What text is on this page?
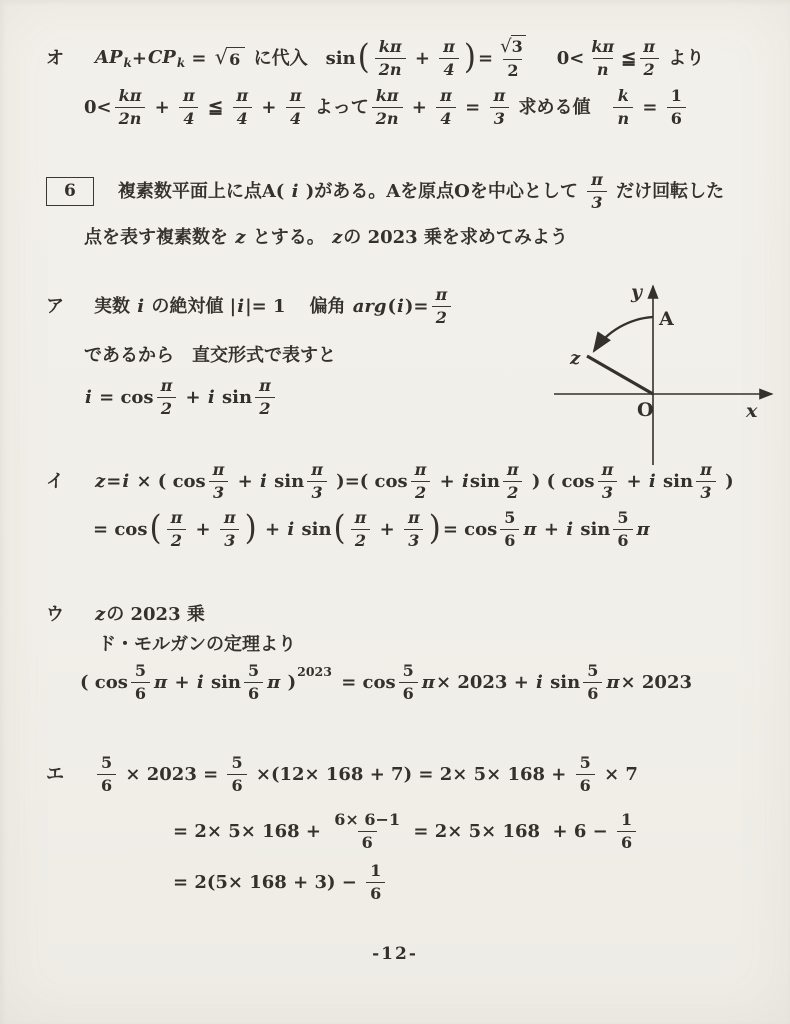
オ $AP_k + CP_k$ = √ 6 に代入 sin ( $\frac{k\pi}{2n} + \frac{\pi}{4}$ ) = $\frac{√3}{2} 0< \frac{k\pi}{n}$ ≦ $\frac{\pi}{2}$ より
$0< \frac{k\pi}{2n} + \frac{\pi}{4}$ ≦ $\frac{\pi}{4} + \frac{\pi}{4}$ よって $\frac{k\pi}{2n} + \frac{\pi}{4} = \frac{\pi}{3}$ 求める値 $\frac{k}{n} = \frac{1}{6}$
6	複素数平面上に点A( i )がある。Aを原点Oを中心として $\frac{\pi}{3}$ だけ回転した
点を表す複素数を z とする。 z の 2023 乗を求めてみよう
ア 実数 i の絶対値 | i |= 1 偏角 arg ( i )= $\frac{\pi}{2}$
であるから 直交形式で表すと
$i = \cos \frac{\pi}{2} + i$ $\sin \frac{\pi}{2}$
イ z = i × ( $\cos \frac{\pi}{3} + i$ $\sin \frac{\pi}{3}$ )=( $\cos \frac{\pi}{2} + i$ $\sin \frac{\pi}{2}$ ) ( $\cos \frac{\pi}{3} + i$ $\sin \frac{\pi}{3}$ )
= cos ( $\frac{\pi}{2} + \frac{\pi}{3}$ ) + i sin ( $\frac{\pi}{2} + \frac{\pi}{3}$ ) = $\cos \frac{5}{6}$ π + i $\sin \frac{5}{6}$ π
ウ z の 2023 乗
ド・モルガンの定理より
( $\cos \frac{5}{6}$ π + i $\sin \frac{5}{6}$ π )
2023
= $\cos \frac{5}{6}$ π × 2023 + i $\sin \frac{5}{6}$ π × 2023
エ $\frac{5}{6} \times 2023 = \frac{5}{6} \times(12\times 168 + 7) = 2\times 5\times 168 + \frac{5}{6} \times 7$
= $2\times 5\times 168 + \frac{6\times 6-1}{6} = 2\times 5\times 168 + 6 - \frac{1}{6}$
= $2(5\times 168 + 3) - \frac{1}{6}$
y
x
A
z
O
-12-
